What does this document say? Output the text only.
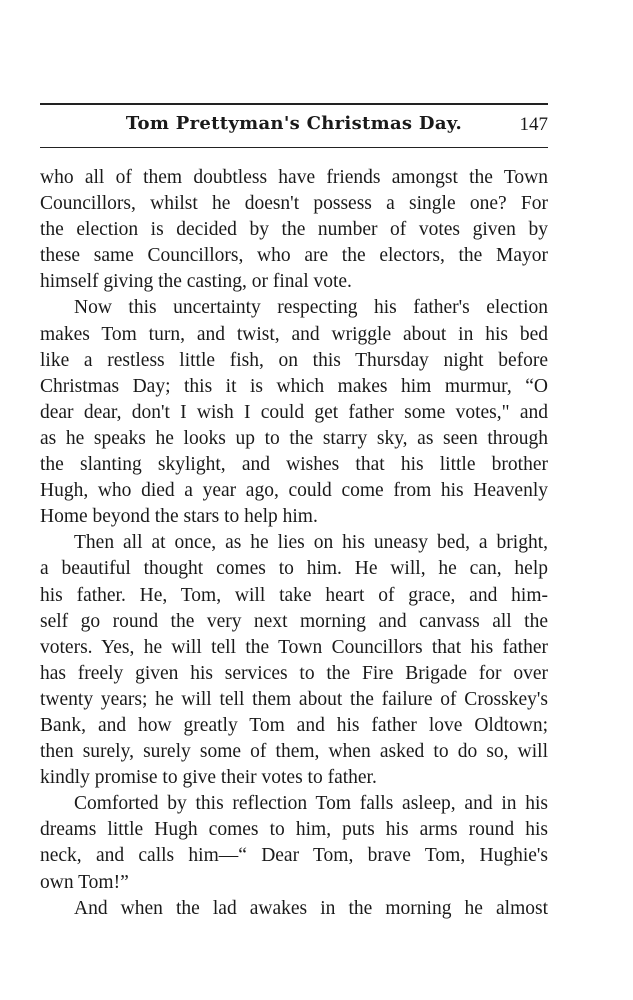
Tom Prettyman's Christmas Day.	147
who all of them doubtless have friends amongst the Town
Councillors, whilst he doesn't possess a single one? For
the election is decided by the number of votes given by
these same Councillors, who are the electors, the Mayor
himself giving the casting, or final vote.
Now this uncertainty respecting his father's election
makes Tom turn, and twist, and wriggle about in his bed
like a restless little fish, on this Thursday night before
Christmas Day; this it is which makes him murmur, “O
dear dear, don't I wish I could get father some votes," and
as he speaks he looks up to the starry sky, as seen through
the slanting skylight, and wishes that his little brother
Hugh, who died a year ago, could come from his Heavenly
Home beyond the stars to help him.
Then all at once, as he lies on his uneasy bed, a bright,
a beautiful thought comes to him. He will, he can, help
his father. He, Tom, will take heart of grace, and him-
self go round the very next morning and canvass all the
voters. Yes, he will tell the Town Councillors that his father
has freely given his services to the Fire Brigade for over
twenty years; he will tell them about the failure of Crosskey's
Bank, and how greatly Tom and his father love Oldtown;
then surely, surely some of them, when asked to do so, will
kindly promise to give their votes to father.
Comforted by this reflection Tom falls asleep, and in his
dreams little Hugh comes to him, puts his arms round his
neck, and calls him—“ Dear Tom, brave Tom, Hughie's
own Tom!”
And when the lad awakes in the morning he almost
